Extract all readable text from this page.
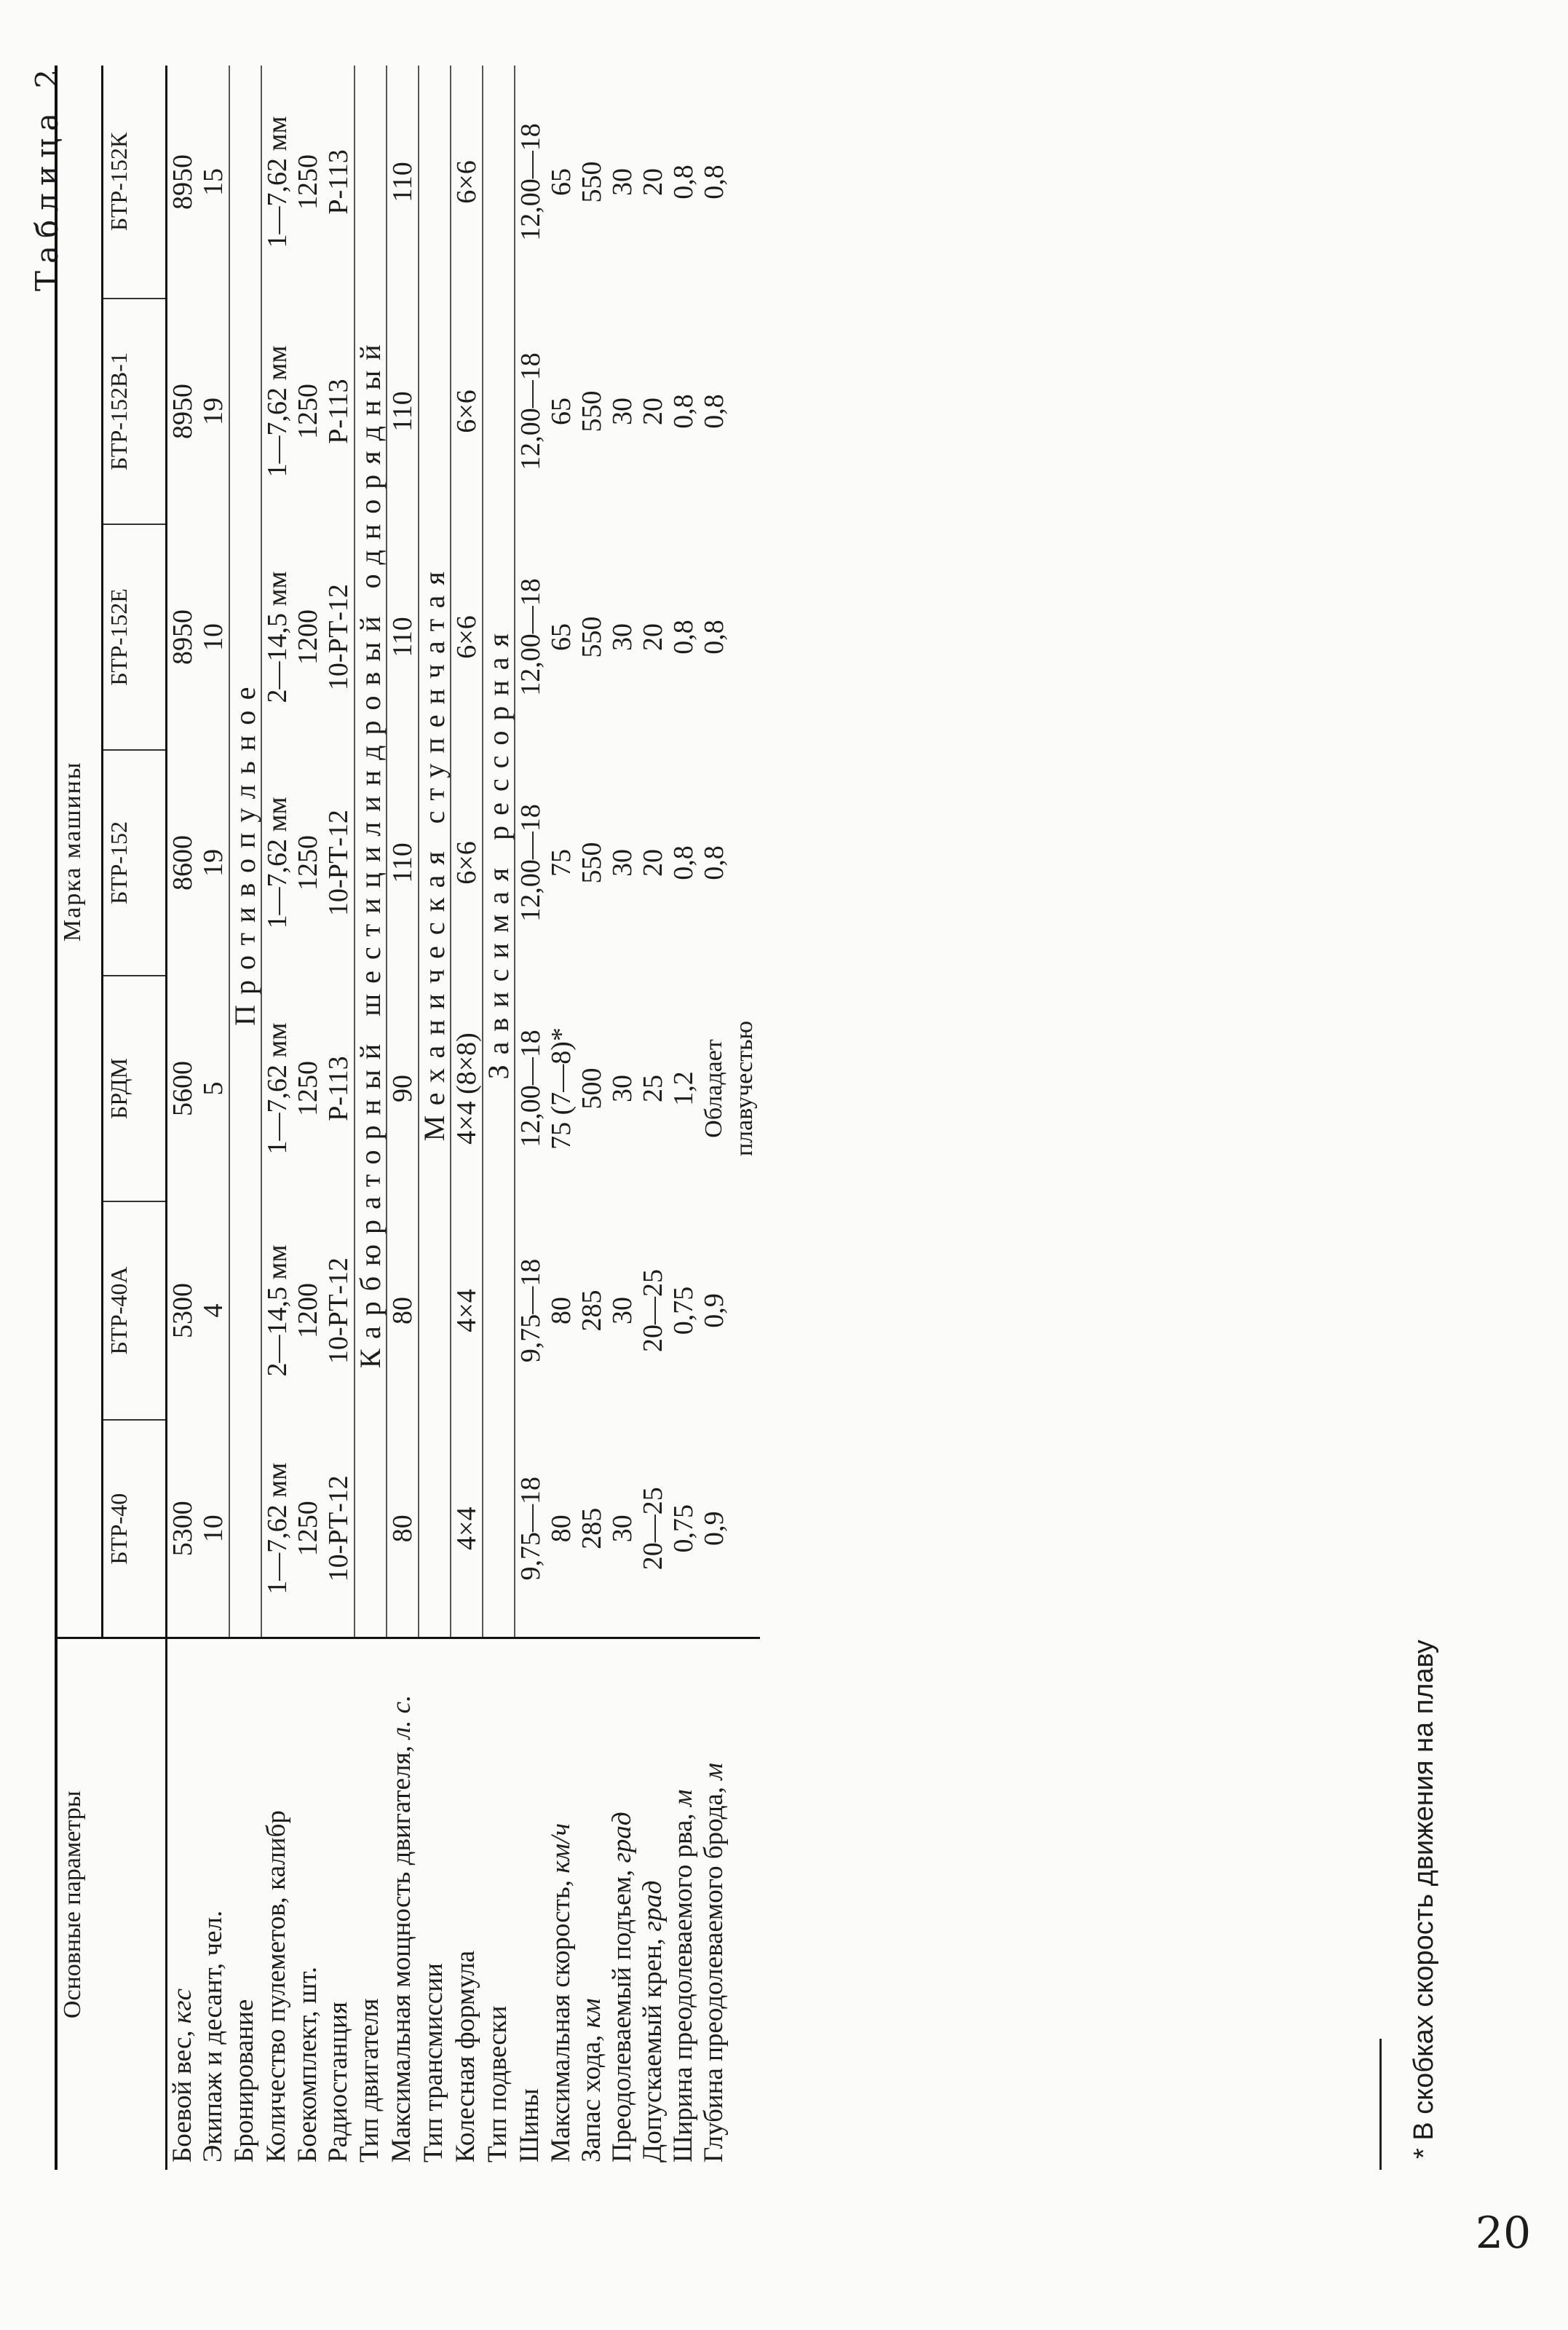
20
Таблица 2
Основные параметры	Марка машины						
	БТР-40	БТР-40А	БРДМ	БТР-152	БТР-152Е	БТР-152В-1	БТР-152К
Боевой вес, кгс	5300	5300	5600	8600	8950	8950	8950
Экипаж и десант, чел.	10	4	5	19	10	19	15
Бронирование	Противопульное						
Количество пулеметов, калибр	1—7,62 мм	2—14,5 мм	1—7,62 мм	1—7,62 мм	2—14,5 мм	1—7,62 мм	1—7,62 мм
Боекомплект, шт.	1250	1200	1250	1250	1200	1250	1250
Радиостанция	10-РТ-12	10-РТ-12	Р-113	10-РТ-12	10-РТ-12	Р-113	Р-113
Тип двигателя	Карбюраторный шестицилиндровый однорядный						
Максимальная мощность двигателя, л. с.	80	80	90	110	110	110	110
Тип трансмиссии	Механическая ступенчатая						
Колесная формула	4×4	4×4	4×4 (8×8)	6×6	6×6	6×6	6×6
Тип подвески	Зависимая рессорная						
Шины	9,75—18	9,75—18	12,00—18	12,00—18	12,00—18	12,00—18	12,00—18
Максимальная скорость, км/ч	80	80	75 (7—8)*	75	65	65	65
Запас хода, км	285	285	500	550	550	550	550
Преодолеваемый подъем, град	30	30	30	30	30	30	30
Допускаемый крен, град	20—25	20—25	25	20	20	20	20
Ширина преодолеваемого рва, м	0,75	0,75	1,2	0,8	0,8	0,8	0,8
Глубина преодолеваемого брода, м	0,9	0,9	Обладает плавучестью	0,8	0,8	0,8	0,8
* В скобках скорость движения на плаву
